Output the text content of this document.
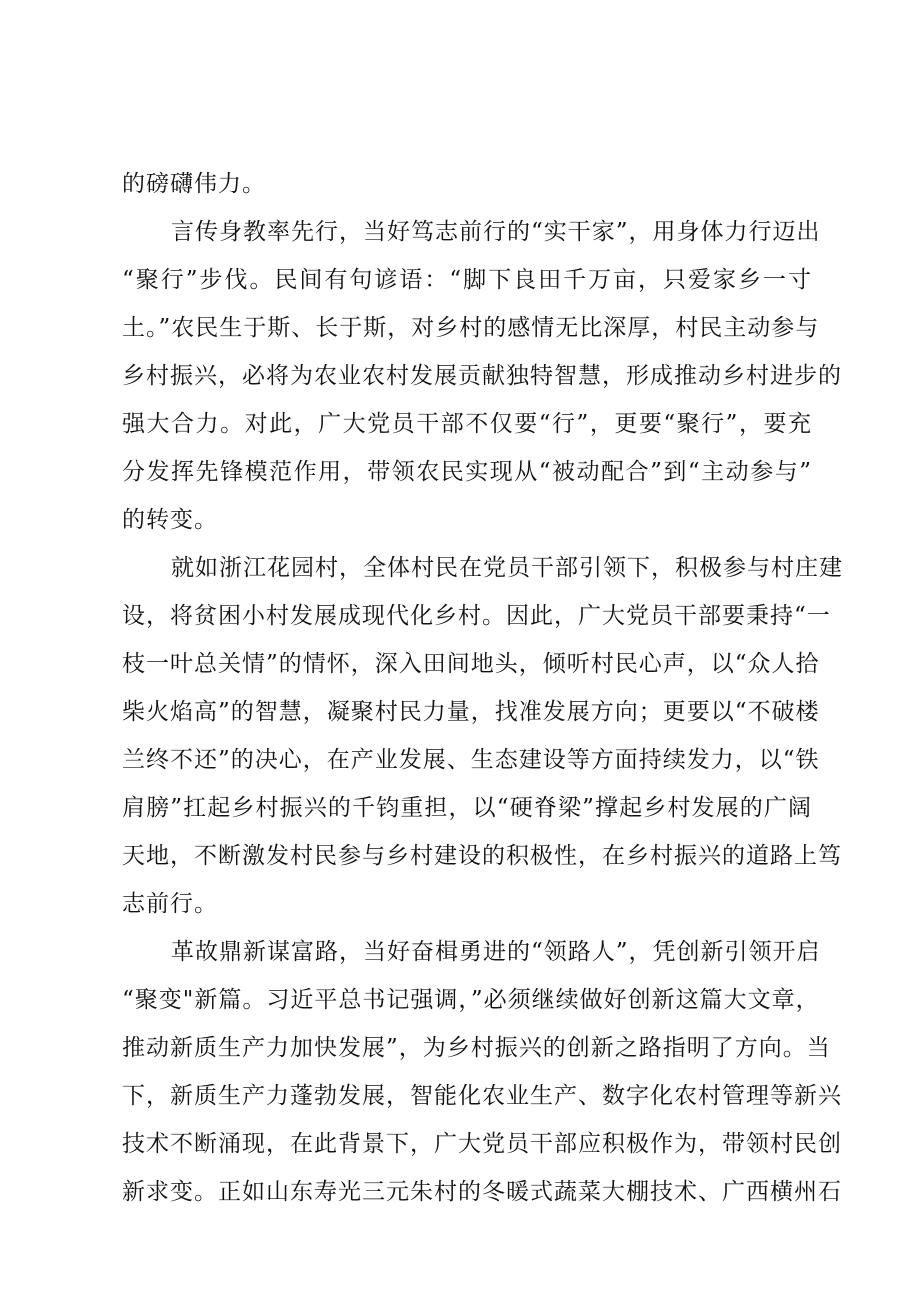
的磅礴伟力。
言传身教率先行，当好笃志前行的“实干家”，用身体力行迈出
“聚行”步伐。民间有句谚语：“脚下良田千万亩，只爱家乡一寸
土。”农民生于斯、长于斯，对乡村的感情无比深厚，村民主动参与
乡村振兴，必将为农业农村发展贡献独特智慧，形成推动乡村进步的
强大合力。对此，广大党员干部不仅要“行”，更要“聚行”，要充
分发挥先锋模范作用，带领农民实现从“被动配合”到“主动参与”
的转变。
就如浙江花园村，全体村民在党员干部引领下，积极参与村庄建
设，将贫困小村发展成现代化乡村。因此，广大党员干部要秉持“一
枝一叶总关情”的情怀，深入田间地头，倾听村民心声，以“众人拾
柴火焰高”的智慧，凝聚村民力量，找准发展方向；更要以“不破楼
兰终不还”的决心，在产业发展、生态建设等方面持续发力，以“铁
肩膀”扛起乡村振兴的千钧重担，以“硬脊梁”撑起乡村发展的广阔
天地，不断激发村民参与乡村建设的积极性，在乡村振兴的道路上笃
志前行。
革故鼎新谋富路，当好奋楫勇进的“领路人”，凭创新引领开启
“聚变"新篇。习近平总书记强调，”必须继续做好创新这篇大文章，
推动新质生产力加快发展”，为乡村振兴的创新之路指明了方向。当
下，新质生产力蓬勃发展，智能化农业生产、数字化农村管理等新兴
技术不断涌现，在此背景下，广大党员干部应积极作为，带领村民创
新求变。正如山东寿光三元朱村的冬暖式蔬菜大棚技术、广西横州石
